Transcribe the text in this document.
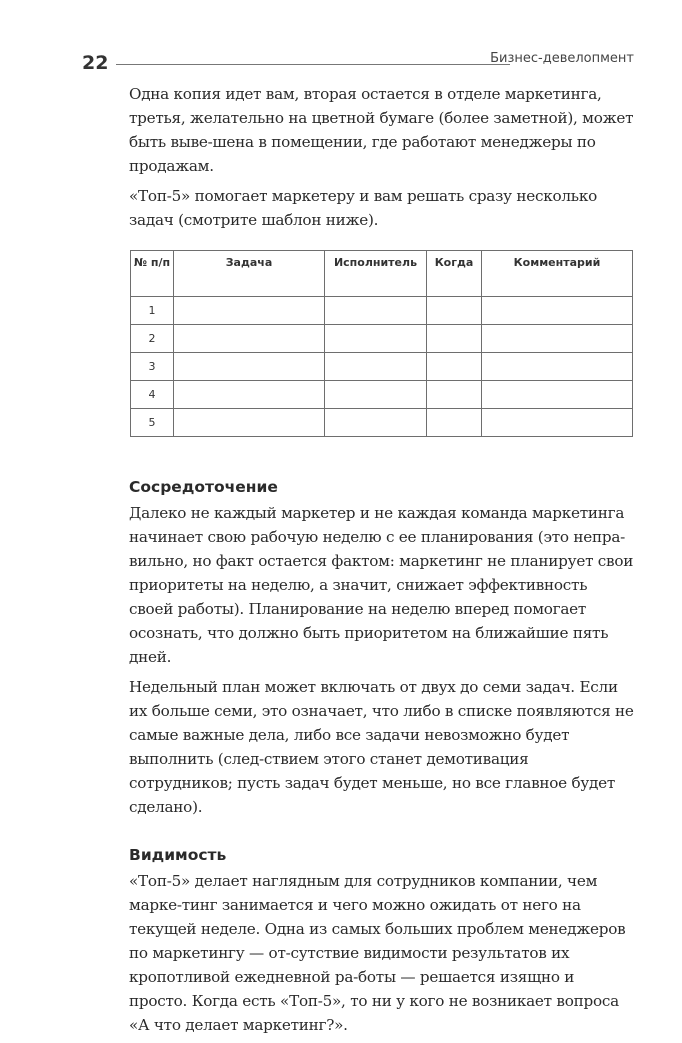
22	Бизнес-девелопмент

Одна копия идет вам, вторая остается в отделе маркетинга, третья, желательно на цветной бумаге (более заметной), может быть выве-шена в помещении, где работают менеджеры по продажам.

«Топ-5» помогает маркетеру и вам решать сразу несколько задач (смотрите шаблон ниже).

№ п/п	Задача	Исполнитель	Когда	Комментарий
1				
2				
3				
4				
5				
Сосредоточение

Далеко не каждый маркетер и не каждая команда маркетинга начинает свою рабочую неделю с ее планирования (это непра-вильно, но факт остается фактом: маркетинг не планирует свои приоритеты на неделю, а значит, снижает эффективность своей работы). Планирование на неделю вперед помогает осознать, что должно быть приоритетом на ближайшие пять дней.

Недельный план может включать от двух до семи задач. Если их больше семи, это означает, что либо в списке появляются не самые важные дела, либо все задачи невозможно будет выполнить (след-ствием этого станет демотивация сотрудников; пусть задач будет меньше, но все главное будет сделано).

Видимость

«Топ-5» делает наглядным для сотрудников компании, чем марке-тинг занимается и чего можно ожидать от него на текущей неделе. Одна из самых больших проблем менеджеров по маркетингу — от-сутствие видимости результатов их кропотливой ежедневной ра-боты — решается изящно и просто. Когда есть «Топ-5», то ни у кого не возникает вопроса «А что делает маркетинг?».
